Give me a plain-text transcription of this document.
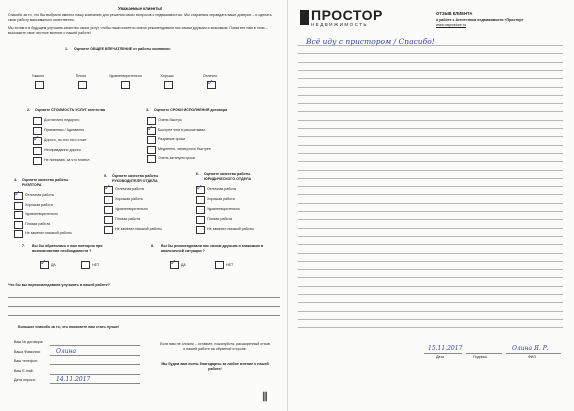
Уважаемые клиенты!
Спасибо за то, что Вы выбрали именно нашу компанию для решения своих вопросов с недвижимостью. Мы стараемся оправдать ваше доверие – и сделать свою работу максимально качественно.
Мы хотим и в будущем улучшать качество своих услуг, чтобы наши клиенты смело рекомендовали нас своим друзьям и знакомым. Помогите нам в этом – выскажите свое честное мнение о нашей работе!
1. Оцените ОБЩЕЕ ВПЕЧАТЛЕНИЕ от работы компании:
Ужасно	Плохо	Удовлетворительно	Хорошо	Отлично
✓
2. Оцените СТОИМОСТЬ УСЛУГ агентства
Достаточно недорого
Приемлемо / Адекватно
✓ Дорого, но оно того стоит
Неоправданно дорого
Не понимаю, за что платил
3. Оцените СРОКИ ИСПОЛНЕНИЯ договора
Очень быстро
✓ Быстрее чем я рассчитывал
Разумные сроки
Медленно, затянулось быстрее
Очень затянули сроки
4. Оцените качество работы РИЭЛТОРА
✓ Отличная работа
Хорошая работа
Удовлетворительно
Плохая работа
Не заметил никакой работы
5. Оцените качество работы РУКОВОДИТЕЛЯ ОТДЕЛА
✓ Отличная работа
Хорошая работа
Удовлетворительно
Плохая работа
Не заметил никакой работы
6. Оцените качество работы ЮРИДИЧЕСКОГО ОТДЕЛА
✓ Отличная работа
Хорошая работа
Удовлетворительно
Плохая работа
Не заметил никакой работы
7. Вы бы обратились к нам повторно при возникновении необходимости ?
✓ ДА	НЕТ
8. Вы бы рекомендовали нас своим друзьям и знакомым в аналогичной ситуации ?
✓ ДА	НЕТ
Что бы вы порекомендовали улучшить в нашей работе?
Большое спасибо за то, что помогаете нам стать лучше!
Ваш № договора:
Ваша Фамилия:	Олина
Ваш телефон:
Ваш E-mail:
Дата опроса:	14.11.2017
Если вам не сложно – оставьте, пожалуйста, расширенный отзыв о нашей работе на обратной стороне.
Мы будем вам очень благодарны за любое мнение о нашей работе!
Ⅱ
ПРОСТОР
НЕДВИЖИМОСТЬ
ОТЗЫВ КЛИЕНТА
о работе с Агентством недвижимости «Простор»
www.naprostore.ru
Всё иду с пристором / Спасибо!
15.11.2017	Олина Я. Р.
Дата	Подпись	ФИО
